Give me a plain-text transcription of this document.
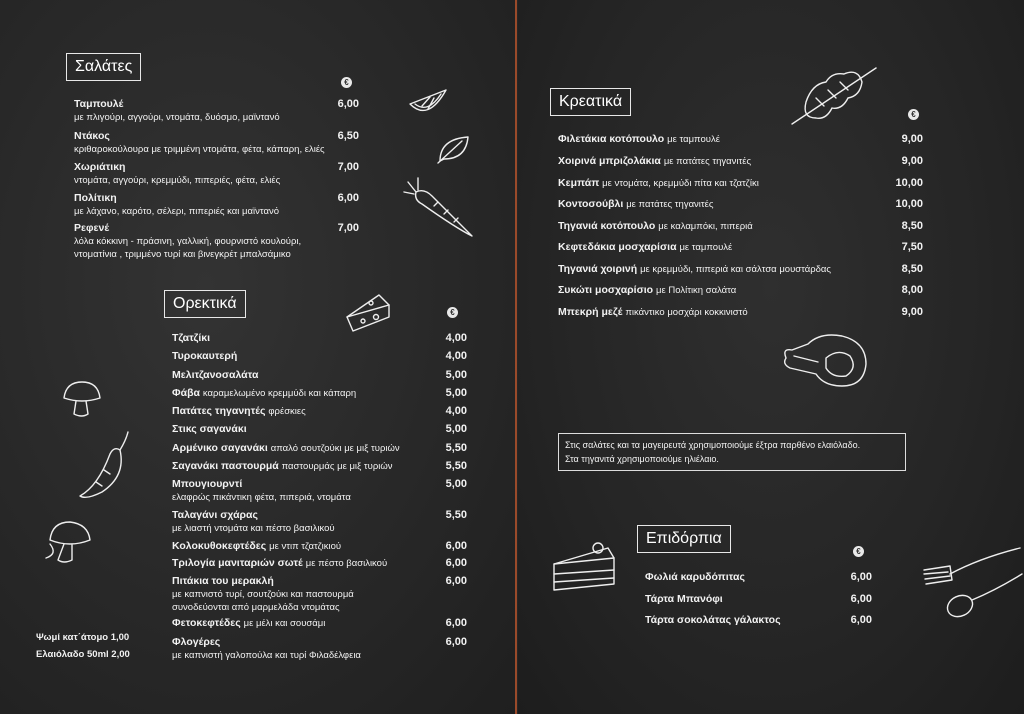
Σαλάτες
€
Ταμπουλέ
με πλιγούρι, αγγούρι, ντομάτα, δυόσμο, μαϊντανό
6,00
Ντάκος
κριθαροκούλουρα με τριμμένη ντομάτα, φέτα, κάπαρη, ελιές
6,50
Χωριάτικη
ντομάτα, αγγούρι, κρεμμύδι, πιπεριές, φέτα, ελιές
7,00
Πολίτικη
με λάχανο, καρότο, σέλερι, πιπεριές και μαϊντανό
6,00
Ρεφενέ
λόλα κόκκινη - πράσινη, γαλλική, φουρνιστό κουλούρι,
ντοματίνια , τριμμένο τυρί και βινεγκρέτ μπαλσάμικο
7,00
Ορεκτικά
€
Τζατζίκι	4,00
Τυροκαυτερή	4,00
Μελιτζανοσαλάτα	5,00
Φάβα καραμελωμένο κρεμμύδι και κάπαρη	5,00
Πατάτες τηγανητές φρέσκιες	4,00
Στικς σαγανάκι	5,00
Αρμένικο σαγανάκι απαλό σουτζούκι με μιξ τυριών	5,50
Σαγανάκι παστουρμά παστουρμάς με μιξ τυριών	5,50
Μπουγιουρντί
ελαφρώς πικάντικη φέτα, πιπεριά, ντομάτα
5,00
Ταλαγάνι σχάρας
με λιαστή ντομάτα και πέστο βασιλικού
5,50
Κολοκυθοκεφτέδες με ντιπ τζατζικιού	6,00
Τριλογία μανιταριών σωτέ με πέστο βασιλικού	6,00
Πιτάκια του μερακλή
με καπνιστό τυρί, σουτζούκι και παστουρμά
συνοδεύονται από μαρμελάδα ντομάτας
6,00
Φετοκεφτέδες με μέλι και σουσάμι	6,00
Φλογέρες
με καπνιστή γαλοπούλα και τυρί Φιλαδέλφεια
6,00
Ψωμί κατ΄άτομο 1,00
Ελαιόλαδο 50ml 2,00
Κρεατικά
€
Φιλετάκια κοτόπουλο με ταμπουλέ	9,00
Χοιρινά μπριζολάκια με πατάτες τηγανιτές	9,00
Κεμπάπ με ντομάτα, κρεμμύδι πίτα και τζατζίκι	10,00
Κοντοσούβλι με πατάτες τηγανιτές	10,00
Τηγανιά κοτόπουλο με καλαμπόκι, πιπεριά	8,50
Κεφτεδάκια μοσχαρίσια με ταμπουλέ	7,50
Τηγανιά χοιρινή με κρεμμύδι, πιπεριά και σάλτσα μουστάρδας	8,50
Συκώτι μοσχαρίσιο με Πολίτικη σαλάτα	8,00
Μπεκρή μεζέ πικάντικο μοσχάρι κοκκινιστό	9,00
Στις σαλάτες και τα μαγειρευτά χρησιμοποιούμε έξτρα παρθένο ελαιόλαδο.
Στα τηγανιτά χρησιμοποιούμε ηλιέλαιο.
Επιδόρπια
€
Φωλιά καρυδόπιτας	6,00
Τάρτα Μπανόφι	6,00
Τάρτα σοκολάτας γάλακτος	6,00
